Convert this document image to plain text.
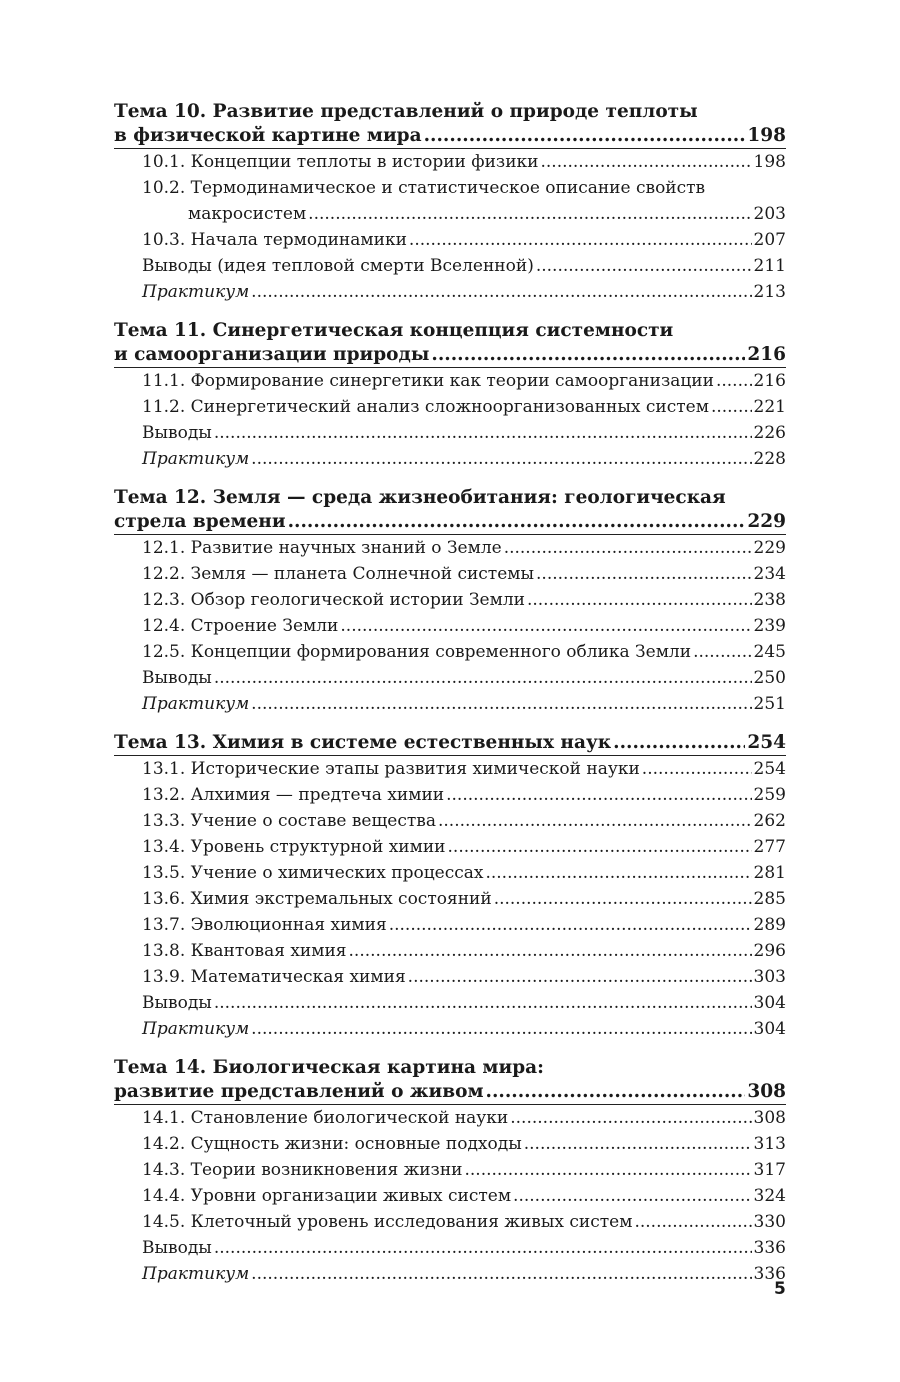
Тема 10. Развитие представлений о природе теплоты
в физической картине мира .....	198
10.1. Концепции теплоты в истории физики .....	198
10.2. Термодинамическое и статистическое описание свойств
макросистем .....	203
10.3. Начала термодинамики .....	207
Выводы (идея тепловой смерти Вселенной) .....	211
Практикум .....	213
Тема 11. Синергетическая концепция системности
и самоорганизации природы .....	216
11.1. Формирование синергетики как теории самоорганизации ..... 216
11.2. Синергетический анализ сложноорганизованных систем .....	221
Выводы .....	226
Практикум .....	228
Тема 12. Земля — среда жизнеобитания: геологическая
стрела времени .....	229
12.1. Развитие научных знаний о Земле .....	229
12.2. Земля — планета Солнечной системы .....	234
12.3. Обзор геологической истории Земли .....	238
12.4. Строение Земли .....	239
12.5. Концепции формирования современного облика Земли .....	245
Выводы .....	250
Практикум .....	251
Тема 13. Химия в системе естественных наук .....	254
13.1. Исторические этапы развития химической науки .....	254
13.2. Алхимия — предтеча химии .....	259
13.3. Учение о составе вещества .....	262
13.4. Уровень структурной химии .....	277
13.5. Учение о химических процессах .....	281
13.6. Химия экстремальных состояний .....	285
13.7. Эволюционная химия .....	289
13.8. Квантовая химия .....	296
13.9. Математическая химия .....	303
Выводы .....	304
Практикум .....	304
Тема 14. Биологическая картина мира:
развитие представлений о живом .....	308
14.1. Становление биологической науки .....	308
14.2. Сущность жизни: основные подходы .....	313
14.3. Теории возникновения жизни .....	317
14.4. Уровни организации живых систем .....	324
14.5. Клеточный уровень исследования живых систем .....	330
Выводы .....	336
Практикум .....	336
5
